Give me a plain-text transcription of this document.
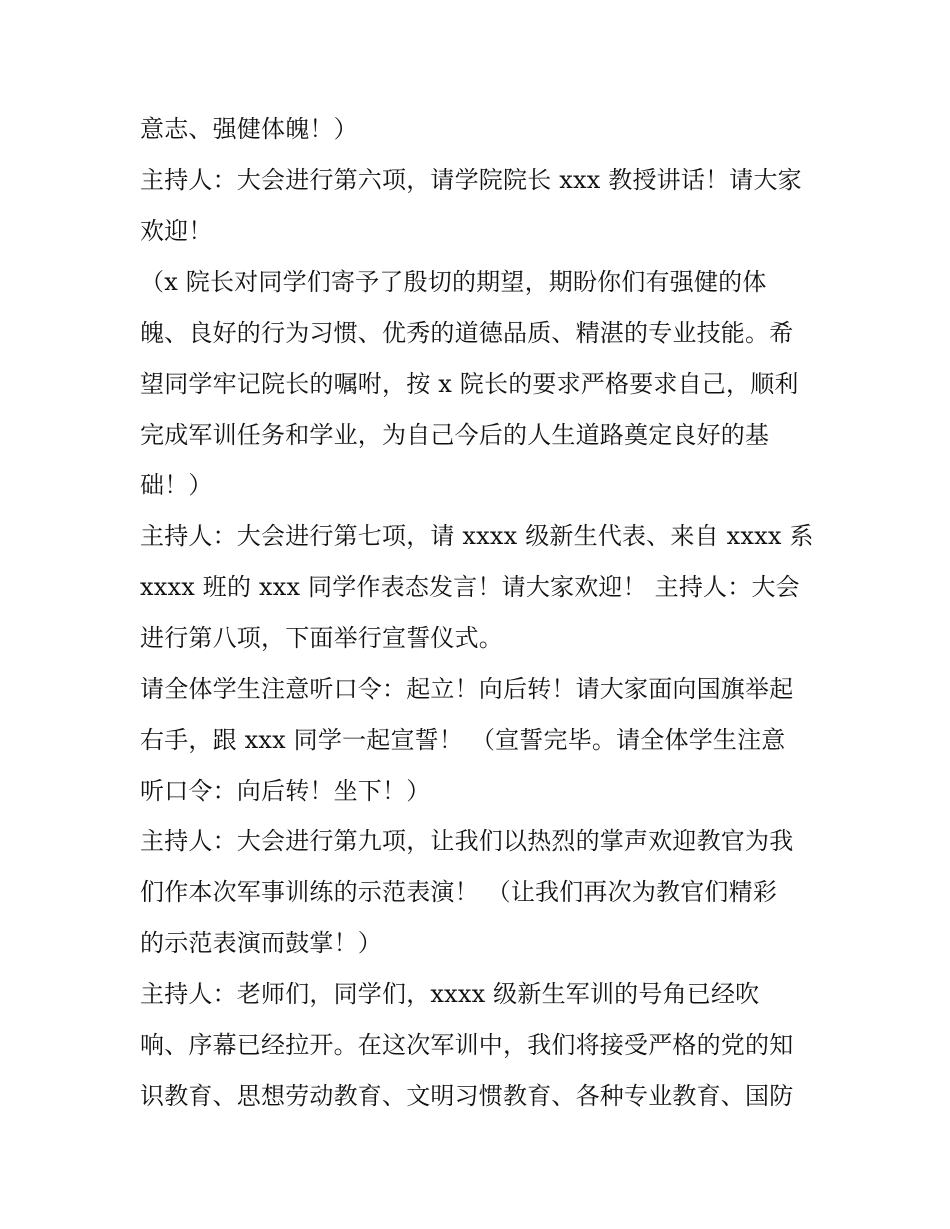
意志、强健体魄！）
主持人：大会进行第六项，请学院院长 xxx 教授讲话！请大家
欢迎！
（x 院长对同学们寄予了殷切的期望，期盼你们有强健的体
魄、良好的行为习惯、优秀的道德品质、精湛的专业技能。希
望同学牢记院长的嘱咐，按 x 院长的要求严格要求自己，顺利
完成军训任务和学业，为自己今后的人生道路奠定良好的基
础！）
主持人：大会进行第七项，请 xxxx 级新生代表、来自 xxxx 系
xxxx 班的 xxx 同学作表态发言！请大家欢迎！ 主持人：大会
进行第八项，下面举行宣誓仪式。
请全体学生注意听口令：起立！向后转！请大家面向国旗举起
右手，跟 xxx 同学一起宣誓！ （宣誓完毕。请全体学生注意
听口令：向后转！坐下！）
主持人：大会进行第九项，让我们以热烈的掌声欢迎教官为我
们作本次军事训练的示范表演！ （让我们再次为教官们精彩
的示范表演而鼓掌！）
主持人：老师们，同学们，xxxx 级新生军训的号角已经吹
响、序幕已经拉开。在这次军训中，我们将接受严格的党的知
识教育、思想劳动教育、文明习惯教育、各种专业教育、国防
